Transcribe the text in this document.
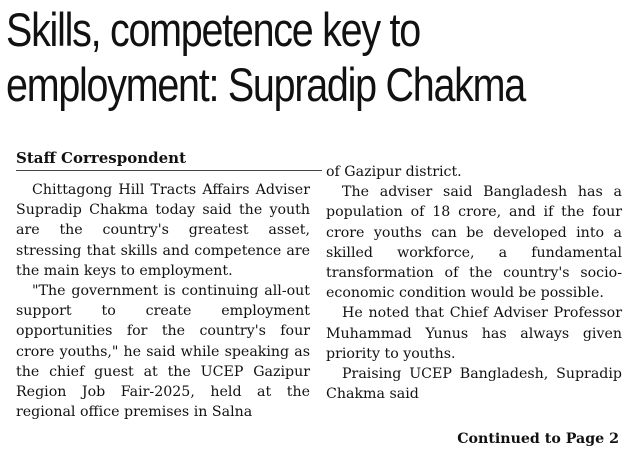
Skills, competence key to
employment: Supradip Chakma

Staff Correspondent

Chittagong Hill Tracts Affairs Adviser Supradip Chakma today said the youth are the country's greatest asset, stressing that skills and competence are the main keys to employment.

"The government is continuing all-out support to create employment opportunities for the country's four crore youths," he said while speaking as the chief guest at the UCEP Gazipur Region Job Fair-2025, held at the regional office premises in Salna

of Gazipur district.

The adviser said Bangladesh has a population of 18 crore, and if the four crore youths can be developed into a skilled workforce, a fundamental transformation of the country's socio-economic condition would be possible.

He noted that Chief Adviser Professor Muhammad Yunus has always given priority to youths.

Praising UCEP Bangladesh, Supradip Chakma said

Continued to Page 2
